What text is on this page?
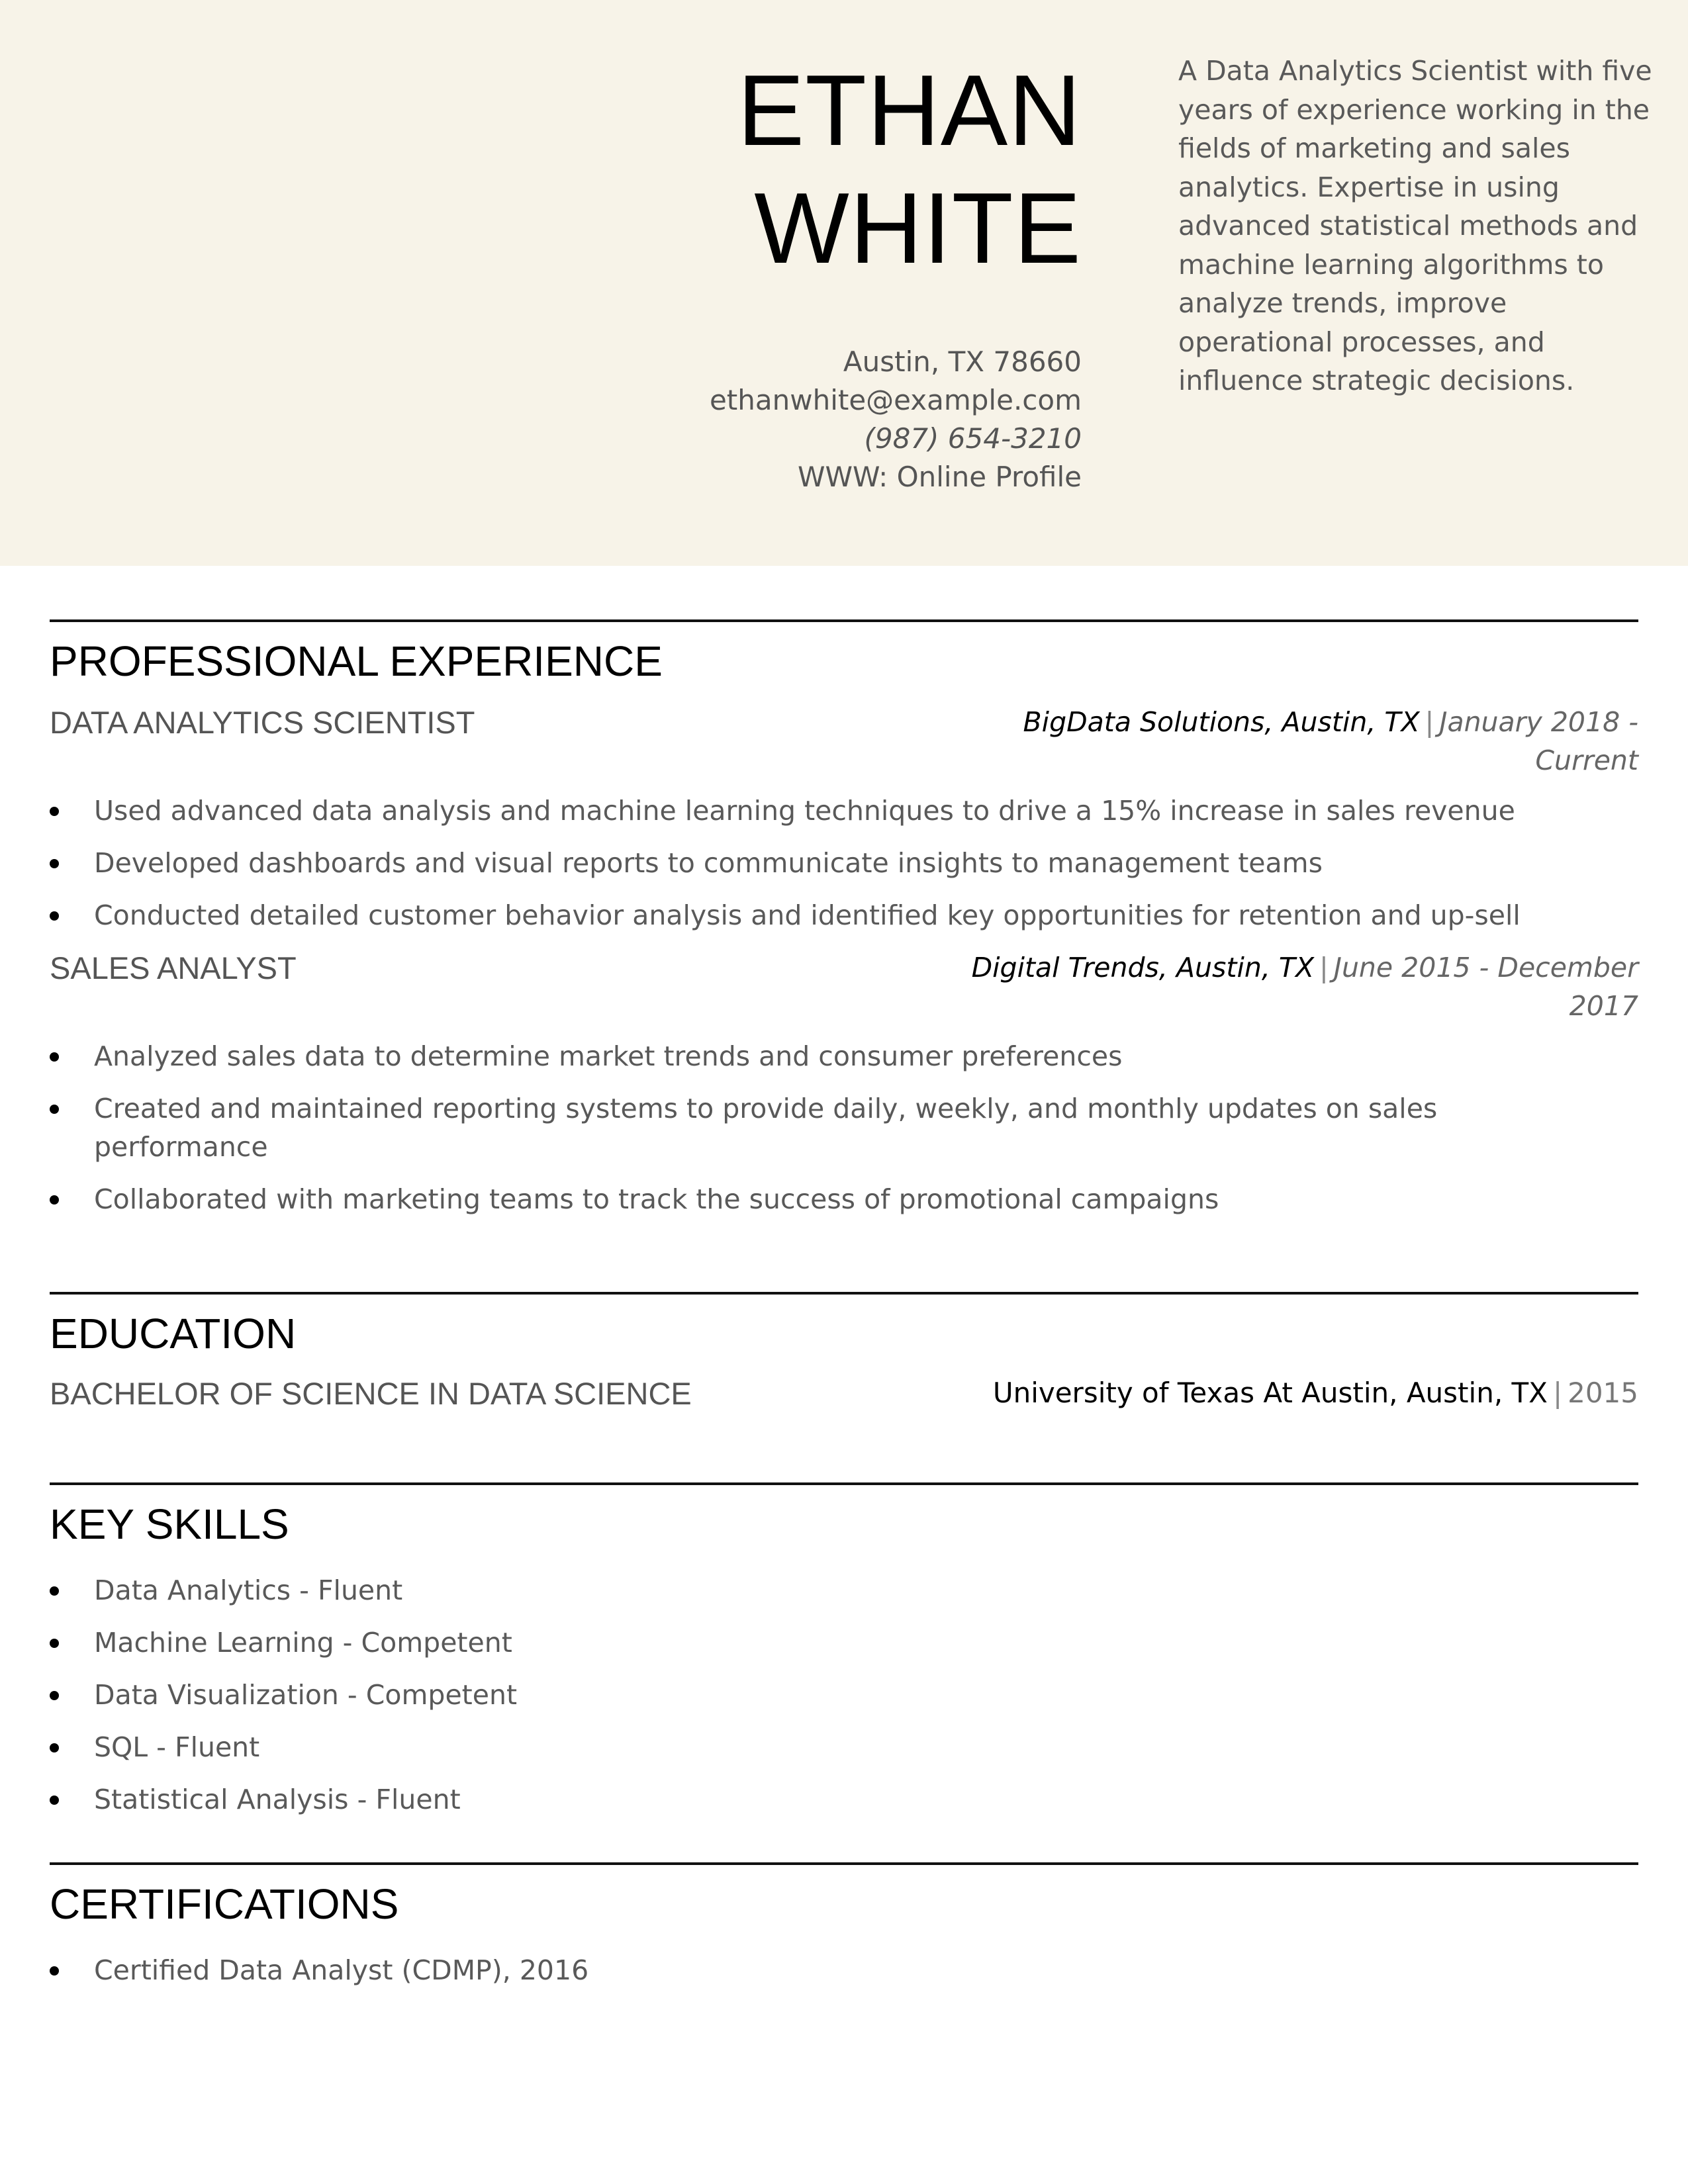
ETHAN
WHITE
Austin, TX 78660
ethanwhite@example.com
(987) 654-3210
WWW: Online Profile
A Data Analytics Scientist with five years of experience working in the fields of marketing and sales analytics. Expertise in using advanced statistical methods and machine learning algorithms to analyze trends, improve operational processes, and influence strategic decisions.
PROFESSIONAL EXPERIENCE
DATA ANALYTICS SCIENTIST	BigData Solutions, Austin, TX | January 2018 -
Current
Used advanced data analysis and machine learning techniques to drive a 15% increase in sales revenue
Developed dashboards and visual reports to communicate insights to management teams
Conducted detailed customer behavior analysis and identified key opportunities for retention and up-sell
SALES ANALYST	Digital Trends, Austin, TX | June 2015 - December
2017
Analyzed sales data to determine market trends and consumer preferences
Created and maintained reporting systems to provide daily, weekly, and monthly updates on sales performance
Collaborated with marketing teams to track the success of promotional campaigns
EDUCATION
BACHELOR OF SCIENCE IN DATA SCIENCE	University of Texas At Austin, Austin, TX | 2015
KEY SKILLS
Data Analytics - Fluent
Machine Learning - Competent
Data Visualization - Competent
SQL - Fluent
Statistical Analysis - Fluent
CERTIFICATIONS
Certified Data Analyst (CDMP), 2016
